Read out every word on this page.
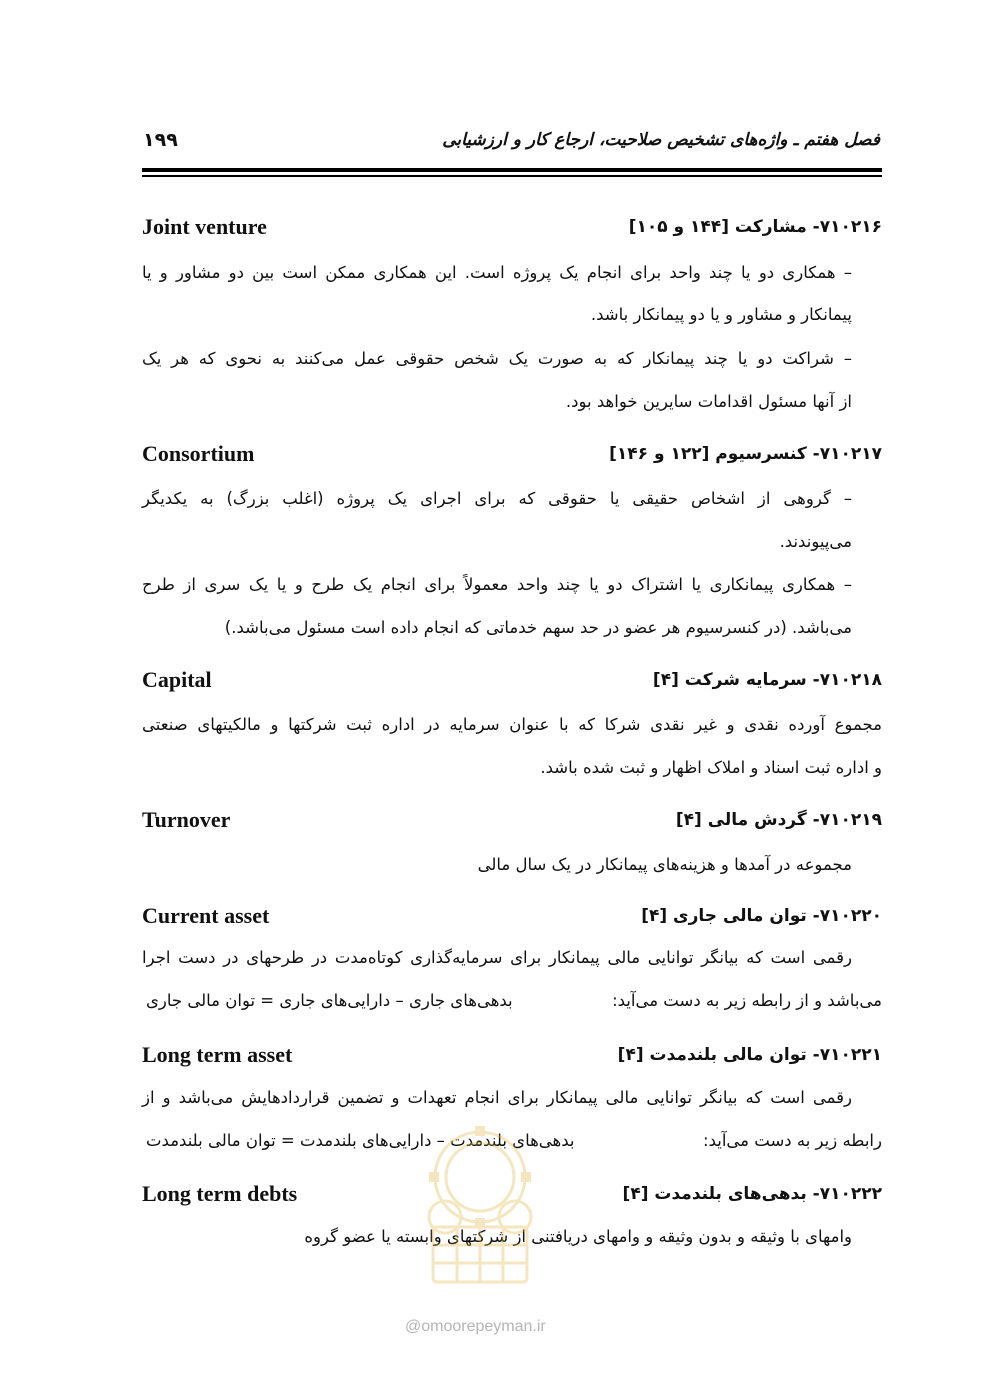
فصل هفتم ـ واژه‌های تشخیص صلاحیت، ارجاع کار و ارزشیابی
۱۹۹
۷۱۰۲۱۶- مشارکت [۱۴۴ و ۱۰۵]
Joint venture
– همکاری دو یا چند واحد برای انجام یک پروژه است. این همکاری ممکن است بین دو مشاور و یا
پیمانکار و مشاور و یا دو پیمانکار باشد.
– شراکت دو یا چند پیمانکار که به صورت یک شخص حقوقی عمل می‌کنند به نحوی که هر یک
از آنها مسئول اقدامات سایرین خواهد بود.
۷۱۰۲۱۷- کنسرسیوم [۱۲۲ و ۱۴۶]
Consortium
– گروهی از اشخاص حقیقی یا حقوقی که برای اجرای یک پروژه (اغلب بزرگ) به یکدیگر
می‌پیوندند.
– همکاری پیمانکاری یا اشتراک دو یا چند واحد معمولاً برای انجام یک طرح و یا یک سری از طرح
می‌باشد. (در کنسرسیوم هر عضو در حد سهم خدماتی که انجام داده است مسئول می‌باشد.)
۷۱۰۲۱۸- سرمایه شرکت [۴]
Capital
مجموع آورده نقدی و غیر نقدی شرکا که با عنوان سرمایه در اداره ثبت شرکتها و مالکیتهای صنعتی
و اداره ثبت اسناد و املاک اظهار و ثبت شده باشد.
۷۱۰۲۱۹- گردش مالی [۴]
Turnover
مجموعه در آمدها و هزینه‌های پیمانکار در یک سال مالی
۷۱۰۲۲۰- توان مالی جاری [۴]
Current asset
رقمی است که بیانگر توانایی مالی پیمانکار برای سرمایه‌گذاری کوتاه‌مدت در طرحهای در دست اجرا
می‌باشد و از رابطه زیر به دست می‌آید:
بدهی‌های جاری – دارایی‌های جاری = توان مالی جاری
۷۱۰۲۲۱- توان مالی بلندمدت [۴]
Long term asset
رقمی است که بیانگر توانایی مالی پیمانکار برای انجام تعهدات و تضمین قراردادهایش می‌باشد و از
رابطه زیر به دست می‌آید:
بدهی‌های بلندمدت – دارایی‌های بلندمدت = توان مالی بلندمدت
۷۱۰۲۲۲- بدهی‌های بلندمدت [۴]
Long term debts
وامهای با وثیقه و بدون وثیقه و وامهای دریافتنی از شرکتهای وابسته یا عضو گروه
@omoorepeyman.ir
